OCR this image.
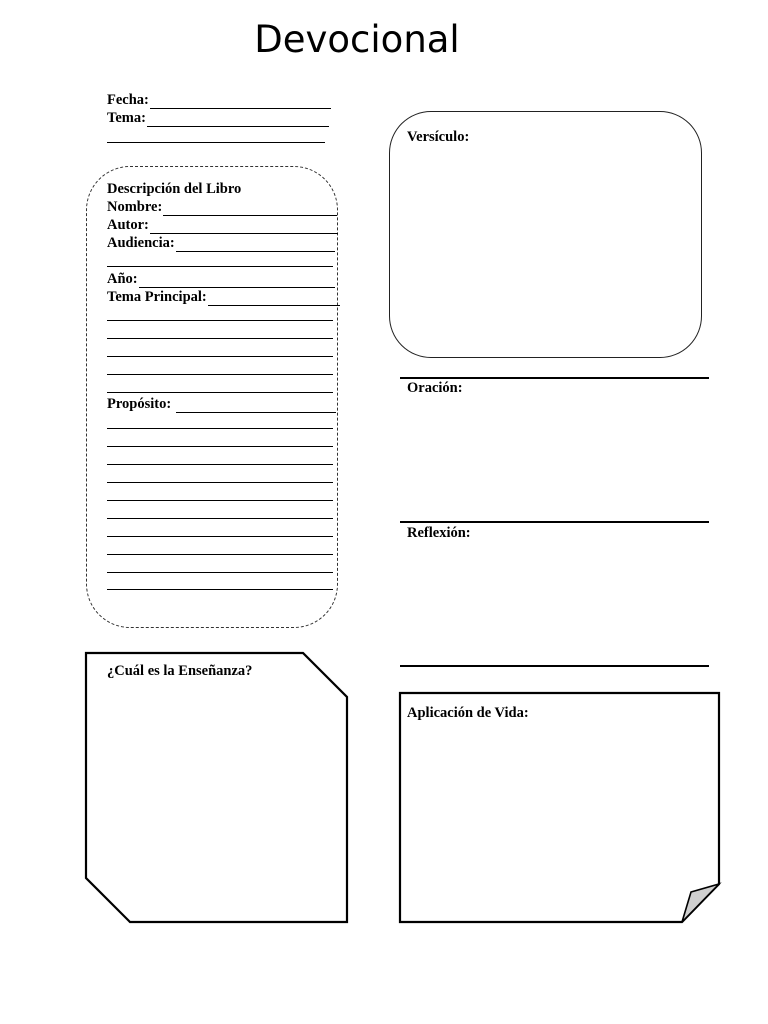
Devocional
Fecha:
Tema:
Descripción del Libro
Nombre:
Autor:
Audiencia:
Año:
Tema Principal:
Propósito:
Versículo:
Oración:
Reflexión:
¿Cuál es la Enseñanza?
Aplicación de Vida:
